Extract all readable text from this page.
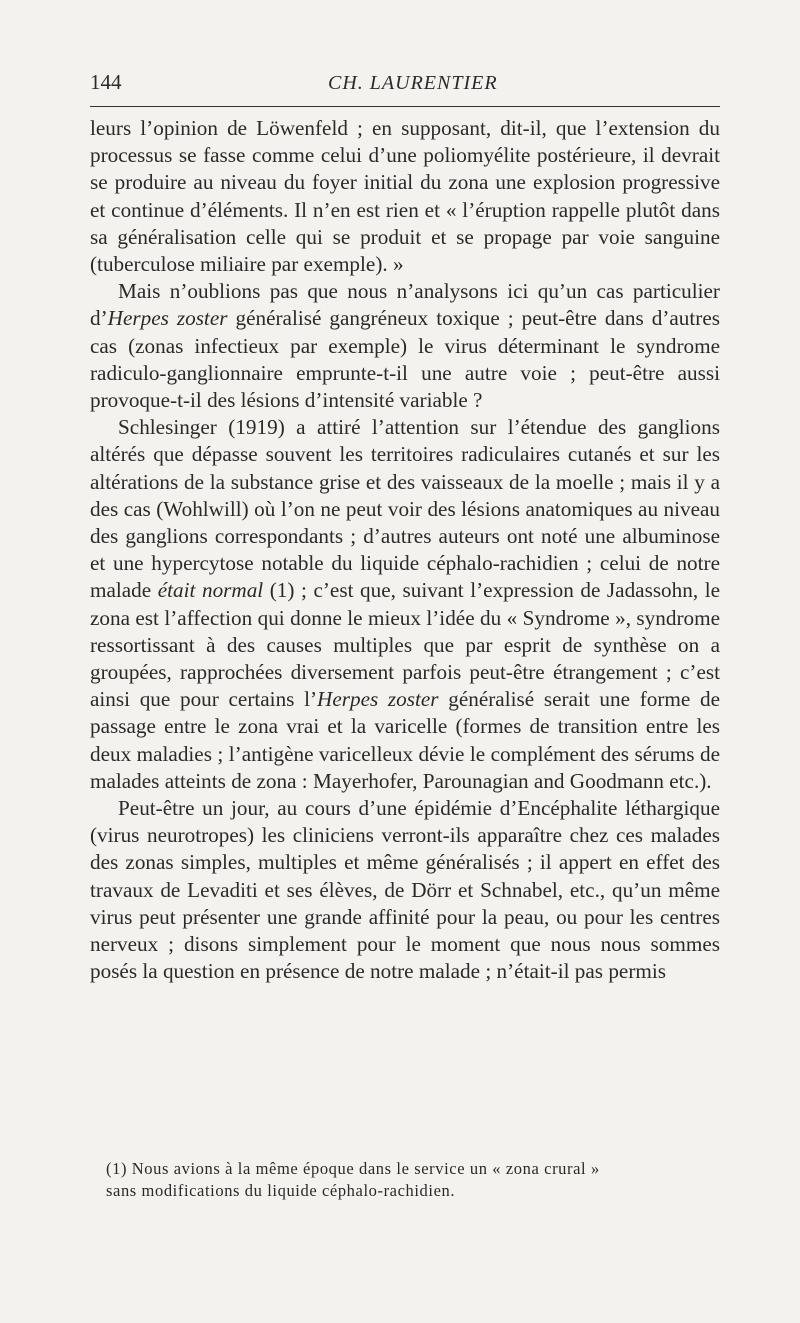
144	CH. LAURENTIER

leurs l’opinion de Löwenfeld ; en supposant, dit-il, que l’extension du processus se fasse comme celui d’une poliomyélite postérieure, il devrait se produire au niveau du foyer initial du zona une explosion progressive et continue d’éléments. Il n’en est rien et « l’éruption rappelle plutôt dans sa généralisation celle qui se produit et se propage par voie sanguine (tuberculose miliaire par exemple). »

Mais n’oublions pas que nous n’analysons ici qu’un cas particulier d’Herpes zoster généralisé gangréneux toxique ; peut-être dans d’autres cas (zonas infectieux par exemple) le virus déterminant le syndrome radiculo-ganglionnaire emprunte-t-il une autre voie ; peut-être aussi provoque-t-il des lésions d’intensité variable ?

Schlesinger (1919) a attiré l’attention sur l’étendue des ganglions altérés que dépasse souvent les territoires radiculaires cutanés et sur les altérations de la substance grise et des vaisseaux de la moelle ; mais il y a des cas (Wohlwill) où l’on ne peut voir des lésions anatomiques au niveau des ganglions correspondants ; d’autres auteurs ont noté une albuminose et une hypercytose notable du liquide céphalo-rachidien ; celui de notre malade était normal (1) ; c’est que, suivant l’expression de Jadassohn, le zona est l’affection qui donne le mieux l’idée du « Syndrome », syndrome ressortissant à des causes multiples que par esprit de synthèse on a groupées, rapprochées diversement parfois peut-être étrangement ; c’est ainsi que pour certains l’Herpes zoster généralisé serait une forme de passage entre le zona vrai et la varicelle (formes de transition entre les deux maladies ; l’antigène varicelleux dévie le complément des sérums de malades atteints de zona : Mayerhofer, Parounagian and Goodmann etc.).

Peut-être un jour, au cours d’une épidémie d’Encéphalite léthargique (virus neurotropes) les cliniciens verront-ils apparaître chez ces malades des zonas simples, multiples et même généralisés ; il appert en effet des travaux de Levaditi et ses élèves, de Dörr et Schnabel, etc., qu’un même virus peut présenter une grande affinité pour la peau, ou pour les centres nerveux ; disons simplement pour le moment que nous nous sommes posés la question en présence de notre malade ; n’était-il pas permis

(1) Nous avions à la même époque dans le service un « zona crural »

sans modifications du liquide céphalo-rachidien.
